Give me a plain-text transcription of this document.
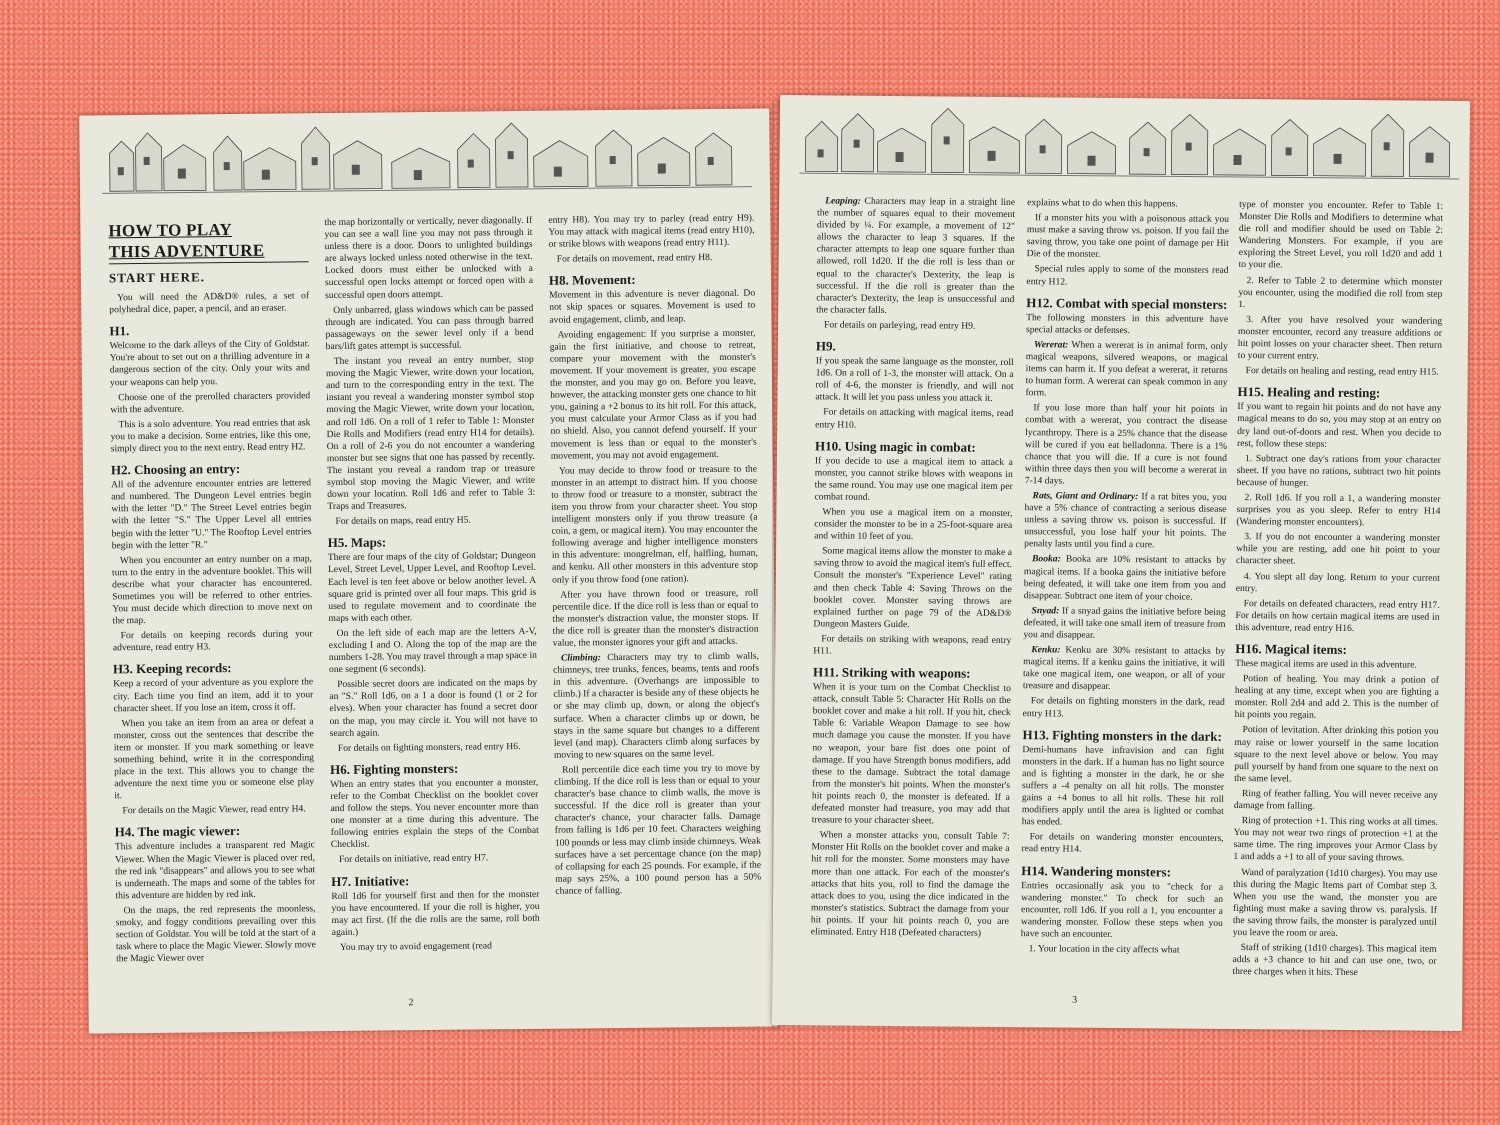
HOW TO PLAY
THIS ADVENTURE
START HERE.

You will need the AD&D® rules, a set of polyhedral dice, paper, a pencil, and an eraser.

H1.

Welcome to the dark alleys of the City of Goldstar. You're about to set out on a thrilling adventure in a dangerous section of the city. Only your wits and your weapons can help you.

Choose one of the prerolled characters provided with the adventure.

This is a solo adventure. You read entries that ask you to make a decision. Some entries, like this one, simply direct you to the next entry. Read entry H2.

H2. Choosing an entry:

All of the adventure encounter entries are lettered and numbered. The Dungeon Level entries begin with the letter "D." The Street Level entries begin with the letter "S." The Upper Level all entries begin with the letter "U." The Rooftop Level entries begin with the letter "R."

When you encounter an entry number on a map, turn to the entry in the adventure booklet. This will describe what your character has encountered. Sometimes you will be referred to other entries. You must decide which direction to move next on the map.

For details on keeping records during your adventure, read entry H3.

H3. Keeping records:

Keep a record of your adventure as you explore the city. Each time you find an item, add it to your character sheet. If you lose an item, cross it off.

When you take an item from an area or defeat a monster, cross out the sentences that describe the item or monster. If you mark something or leave something behind, write it in the corresponding place in the text. This allows you to change the adventure the next time you or someone else play it.

For details on the Magic Viewer, read entry H4.

H4. The magic viewer:

This adventure includes a transparent red Magic Viewer. When the Magic Viewer is placed over red, the red ink "disappears" and allows you to see what is underneath. The maps and some of the tables for this adventure are hidden by red ink.

On the maps, the red represents the moonless, smoky, and foggy conditions prevailing over this section of Goldstar. You will be told at the start of a task where to place the Magic Viewer. Slowly move the Magic Viewer over

the map horizontally or vertically, never diagonally. If you can see a wall line you may not pass through it unless there is a door. Doors to unlighted buildings are always locked unless noted otherwise in the text. Locked doors must either be unlocked with a successful open locks attempt or forced open with a successful open doors attempt.

Only unbarred, glass windows which can be passed through are indicated. You can pass through barred passageways on the sewer level only if a bend bars/lift gates attempt is successful.

The instant you reveal an entry number, stop moving the Magic Viewer, write down your location, and turn to the corresponding entry in the text. The instant you reveal a wandering monster symbol stop moving the Magic Viewer, write down your location, and roll 1d6. On a roll of 1 refer to Table 1: Monster Die Rolls and Modifiers (read entry H14 for details). On a roll of 2-6 you do not encounter a wandering monster but see signs that one has passed by recently. The instant you reveal a random trap or treasure symbol stop moving the Magic Viewer, and write down your location. Roll 1d6 and refer to Table 3: Traps and Treasures.

For details on maps, read entry H5.

H5. Maps:

There are four maps of the city of Goldstar; Dungeon Level, Street Level, Upper Level, and Rooftop Level. Each level is ten feet above or below another level. A square grid is printed over all four maps. This grid is used to regulate movement and to coordinate the maps with each other.

On the left side of each map are the letters A-V, excluding I and O. Along the top of the map are the numbers 1-28. You may travel through a map space in one segment (6 seconds).

Possible secret doors are indicated on the maps by an "S." Roll 1d6, on a 1 a door is found (1 or 2 for elves). When your character has found a secret door on the map, you may circle it. You will not have to search again.

For details on fighting monsters, read entry H6.

H6. Fighting monsters:

When an entry states that you encounter a monster, refer to the Combat Checklist on the booklet cover and follow the steps. You never encounter more than one monster at a time during this adventure. The following entries explain the steps of the Combat Checklist.

For details on initiative, read entry H7.

H7. Initiative:

Roll 1d6 for yourself first and then for the monster you have encountered. If your die roll is higher, you may act first. (If the die rolls are the same, roll both again.)

You may try to avoid engagement (read

entry H8). You may try to parley (read entry H9). You may attack with magical items (read entry H10), or strike blows with weapons (read entry H11).

For details on movement, read entry H8.

H8. Movement:

Movement in this adventure is never diagonal. Do not skip spaces or squares. Movement is used to avoid engagement, climb, and leap.

Avoiding engagement: If you surprise a monster, gain the first initiative, and choose to retreat, compare your movement with the monster's movement. If your movement is greater, you escape the monster, and you may go on. Before you leave, however, the attacking monster gets one chance to hit you, gaining a +2 bonus to its hit roll. For this attack, you must calculate your Armor Class as if you had no shield. Also, you cannot defend yourself. If your movement is less than or equal to the monster's movement, you may not avoid engagement.

You may decide to throw food or treasure to the monster in an attempt to distract him. If you choose to throw food or treasure to a monster, subtract the item you throw from your character sheet. You stop intelligent monsters only if you throw treasure (a coin, a gem, or magical item). You may encounter the following average and higher intelligence monsters in this adventure: mongrelman, elf, halfling, human, and kenku. All other monsters in this adventure stop only if you throw food (one ration).

After you have thrown food or treasure, roll percentile dice. If the dice roll is less than or equal to the monster's distraction value, the monster stops. If the dice roll is greater than the monster's distraction value, the monster ignores your gift and attacks.

Climbing: Characters may try to climb walls, chimneys, tree trunks, fences, beams, tents and roofs in this adventure. (Overhangs are impossible to climb.) If a character is beside any of these objects he or she may climb up, down, or along the object's surface. When a character climbs up or down, he stays in the same square but changes to a different level (and map). Characters climb along surfaces by moving to new squares on the same level.

Roll percentile dice each time you try to move by climbing. If the dice roll is less than or equal to your character's base chance to climb walls, the move is successful. If the dice roll is greater than your character's chance, your character falls. Damage from falling is 1d6 per 10 feet. Characters weighing 100 pounds or less may climb inside chimneys. Weak surfaces have a set percentage chance (on the map) of collapsing for each 25 pounds. For example, if the map says 25%, a 100 pound person has a 50% chance of falling.

2

Leaping: Characters may leap in a straight line the number of squares equal to their movement divided by ¼. For example, a movement of 12" allows the character to leap 3 squares. If the character attempts to leap one square further than allowed, roll 1d20. If the die roll is less than or equal to the character's Dexterity, the leap is successful. If the die roll is greater than the character's Dexterity, the leap is unsuccessful and the character falls.

For details on parleying, read entry H9.

H9.

If you speak the same language as the monster, roll 1d6. On a roll of 1-3, the monster will attack. On a roll of 4-6, the monster is friendly, and will not attack. It will let you pass unless you attack it.

For details on attacking with magical items, read entry H10.

H10. Using magic in combat:

If you decide to use a magical item to attack a monster, you cannot strike blows with weapons in the same round. You may use one magical item per combat round.

When you use a magical item on a monster, consider the monster to be in a 25-foot-square area and within 10 feet of you.

Some magical items allow the monster to make a saving throw to avoid the magical item's full effect. Consult the monster's "Experience Level" rating and then check Table 4: Saving Throws on the booklet cover. Monster saving throws are explained further on page 79 of the AD&D® Dungeon Masters Guide.

For details on striking with weapons, read entry H11.

H11. Striking with weapons:

When it is your turn on the Combat Checklist to attack, consult Table 5: Character Hit Rolls on the booklet cover and make a hit roll. If you hit, check Table 6: Variable Weapon Damage to see how much damage you cause the monster. If you have no weapon, your bare fist does one point of damage. If you have Strength bonus modifiers, add these to the damage. Subtract the total damage from the monster's hit points. When the monster's hit points reach 0, the monster is defeated. If a defeated monster had treasure, you may add that treasure to your character sheet.

When a monster attacks you, consult Table 7: Monster Hit Rolls on the booklet cover and make a hit roll for the monster. Some monsters may have more than one attack. For each of the monster's attacks that hits you, roll to find the damage the attack does to you, using the dice indicated in the monster's statistics. Subtract the damage from your hit points. If your hit points reach 0, you are eliminated. Entry H18 (Defeated characters)

explains what to do when this happens.

If a monster hits you with a poisonous attack you must make a saving throw vs. poison. If you fail the saving throw, you take one point of damage per Hit Die of the monster.

Special rules apply to some of the monsters read entry H12.

H12. Combat with special monsters:

The following monsters in this adventure have special attacks or defenses.

Wererat: When a wererat is in animal form, only magical weapons, silvered weapons, or magical items can harm it. If you defeat a wererat, it returns to human form. A wererat can speak common in any form.

If you lose more than half your hit points in combat with a wererat, you contract the disease lycanthropy. There is a 25% chance that the disease will be cured if you eat belladonna. There is a 1% chance that you will die. If a cure is not found within three days then you will become a wererat in 7-14 days.

Rats, Giant and Ordinary: If a rat bites you, you have a 5% chance of contracting a serious disease unless a saving throw vs. poison is successful. If unsuccessful, you lose half your hit points. The penalty lasts until you find a cure.

Booka: Booka are 10% resistant to attacks by magical items. If a booka gains the initiative before being defeated, it will take one item from you and disappear. Subtract one item of your choice.

Snyad: If a snyad gains the initiative before being defeated, it will take one small item of treasure from you and disappear.

Kenku: Kenku are 30% resistant to attacks by magical items. If a kenku gains the initiative, it will take one magical item, one weapon, or all of your treasure and disappear.

For details on fighting monsters in the dark, read entry H13.

H13. Fighting monsters in the dark:

Demi-humans have infravision and can fight monsters in the dark. If a human has no light source and is fighting a monster in the dark, he or she suffers a -4 penalty on all hit rolls. The monster gains a +4 bonus to all hit rolls. These hit roll modifiers apply until the area is lighted or combat has ended.

For details on wandering monster encounters, read entry H14.

H14. Wandering monsters:

Entries occasionally ask you to "check for a wandering monster." To check for such an encounter, roll 1d6. If you roll a 1, you encounter a wandering monster. Follow these steps when you have such an encounter.

1. Your location in the city affects what

type of monster you encounter. Refer to Table 1: Monster Die Rolls and Modifiers to determine what die roll and modifier should be used on Table 2: Wandering Monsters. For example, if you are exploring the Street Level, you roll 1d20 and add 1 to your die.

2. Refer to Table 2 to determine which monster you encounter, using the modified die roll from step 1.

3. After you have resolved your wandering monster encounter, record any treasure additions or hit point losses on your character sheet. Then return to your current entry.

For details on healing and resting, read entry H15.

H15. Healing and resting:

If you want to regain hit points and do not have any magical means to do so, you may stop at an entry on dry land out-of-doors and rest. When you decide to rest, follow these steps:

1. Subtract one day's rations from your character sheet. If you have no rations, subtract two hit points because of hunger.

2. Roll 1d6. If you roll a 1, a wandering monster surprises you as you sleep. Refer to entry H14 (Wandering monster encounters).

3. If you do not encounter a wandering monster while you are resting, add one hit point to your character sheet.

4. You slept all day long. Return to your current entry.

For details on defeated characters, read entry H17. For details on how certain magical items are used in this adventure, read entry H16.

H16. Magical items:

These magical items are used in this adventure.

Potion of healing. You may drink a potion of healing at any time, except when you are fighting a monster. Roll 2d4 and add 2. This is the number of hit points you regain.

Potion of levitation. After drinking this potion you may raise or lower yourself in the same location square to the next level above or below. You may pull yourself by hand from one square to the next on the same level.

Ring of feather falling. You will never receive any damage from falling.

Ring of protection +1. This ring works at all times. You may not wear two rings of protection +1 at the same time. The ring improves your Armor Class by 1 and adds a +1 to all of your saving throws.

Wand of paralyzation (1d10 charges). You may use this during the Magic Items part of Combat step 3. When you use the wand, the monster you are fighting must make a saving throw vs. paralysis. If the saving throw fails, the monster is paralyzed until you leave the room or area.

Staff of striking (1d10 charges). This magical item adds a +3 chance to hit and can use one, two, or three charges when it hits. These

3
